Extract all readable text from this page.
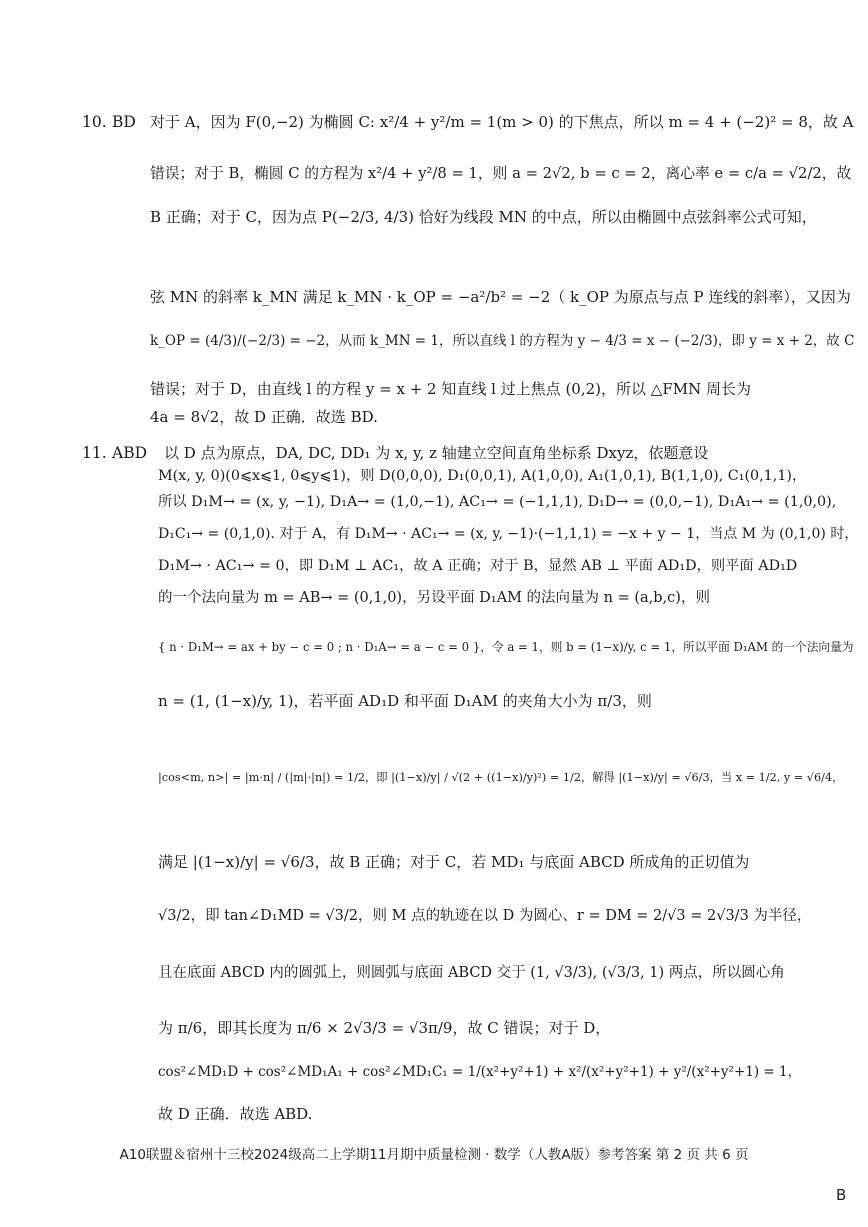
10. BD 对于 A，因为 F(0,−2) 为椭圆 C: x²/4 + y²/m = 1(m > 0) 的下焦点，所以 m = 4 + (−2)² = 8，故 A
错误；对于 B，椭圆 C 的方程为 x²/4 + y²/8 = 1，则 a = 2√2, b = c = 2，离心率 e = c/a = √2/2，故
B 正确；对于 C，因为点 P(−2/3, 4/3) 恰好为线段 MN 的中点，所以由椭圆中点弦斜率公式可知，
弦 MN 的斜率 k_MN 满足 k_MN · k_OP = −a²/b² = −2（ k_OP 为原点与点 P 连线的斜率），又因为
k_OP = (4/3)/(−2/3) = −2，从而 k_MN = 1，所以直线 l 的方程为 y − 4/3 = x − (−2/3)，即 y = x + 2，故 C
错误；对于 D，由直线 l 的方程 y = x + 2 知直线 l 过上焦点 (0,2)，所以 △FMN 周长为
4a = 8√2，故 D 正确．故选 BD.
11. ABD 以 D 点为原点，DA, DC, DD₁ 为 x, y, z 轴建立空间直角坐标系 Dxyz，依题意设
M(x, y, 0)(0⩽x⩽1, 0⩽y⩽1)，则 D(0,0,0), D₁(0,0,1), A(1,0,0), A₁(1,0,1), B(1,1,0), C₁(0,1,1)，
所以 D₁M→ = (x, y, −1), D₁A→ = (1,0,−1), AC₁→ = (−1,1,1), D₁D→ = (0,0,−1), D₁A₁→ = (1,0,0),
D₁C₁→ = (0,1,0). 对于 A，有 D₁M→ · AC₁→ = (x, y, −1)·(−1,1,1) = −x + y − 1，当点 M 为 (0,1,0) 时，
D₁M→ · AC₁→ = 0，即 D₁M ⊥ AC₁，故 A 正确；对于 B，显然 AB ⊥ 平面 AD₁D，则平面 AD₁D
的一个法向量为 m = AB→ = (0,1,0)，另设平面 D₁AM 的法向量为 n = (a,b,c)，则
{ n · D₁M→ = ax + by − c = 0 ; n · D₁A→ = a − c = 0 }，令 a = 1，则 b = (1−x)/y, c = 1，所以平面 D₁AM 的一个法向量为
n = (1, (1−x)/y, 1)，若平面 AD₁D 和平面 D₁AM 的夹角大小为 π/3，则
|cos<m, n>| = |m·n| / (|m|·|n|) = 1/2，即 |(1−x)/y| / √(2 + ((1−x)/y)²) = 1/2，解得 |(1−x)/y| = √6/3，当 x = 1/2, y = √6/4，
满足 |(1−x)/y| = √6/3，故 B 正确；对于 C，若 MD₁ 与底面 ABCD 所成角的正切值为
√3/2，即 tan∠D₁MD = √3/2，则 M 点的轨迹在以 D 为圆心、r = DM = 2/√3 = 2√3/3 为半径，
且在底面 ABCD 内的圆弧上，则圆弧与底面 ABCD 交于 (1, √3/3), (√3/3, 1) 两点，所以圆心角
为 π/6，即其长度为 π/6 × 2√3/3 = √3π/9，故 C 错误；对于 D，
cos²∠MD₁D + cos²∠MD₁A₁ + cos²∠MD₁C₁ = 1/(x²+y²+1) + x²/(x²+y²+1) + y²/(x²+y²+1) = 1，
故 D 正确．故选 ABD.
A10联盟＆宿州十三校2024级高二上学期11月期中质量检测 · 数学（人教A版）参考答案 第 2 页 共 6 页
B
